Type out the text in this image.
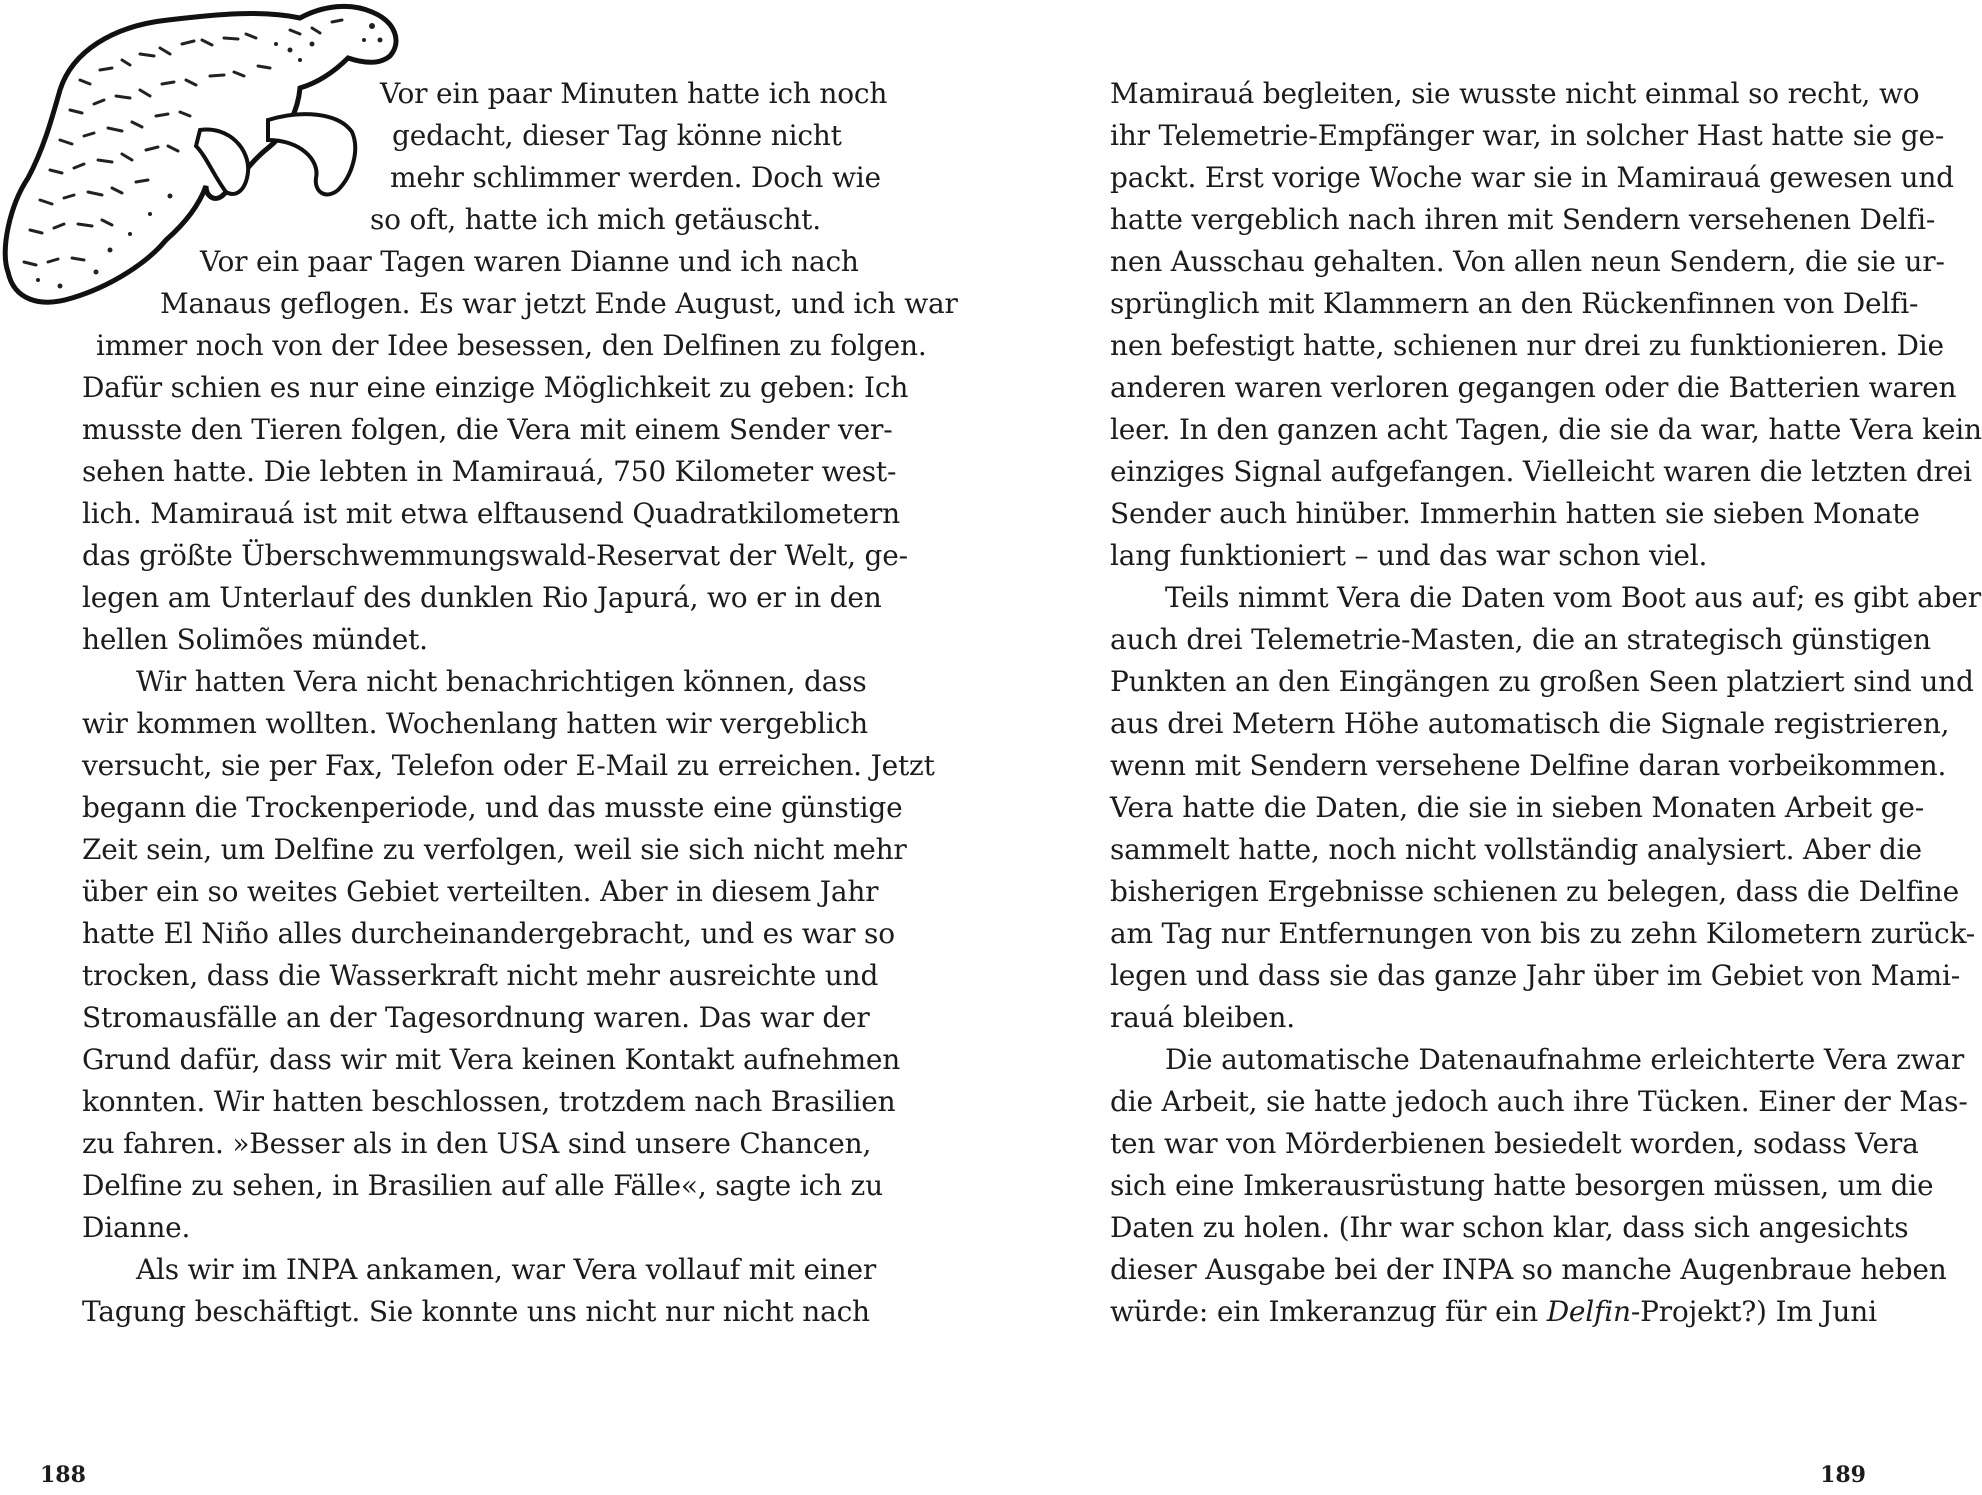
Vor ein paar Minuten hatte ich noch
gedacht, dieser Tag könne nicht
mehr schlimmer werden. Doch wie
so oft, hatte ich mich getäuscht.
Vor ein paar Tagen waren Dianne und ich nach
Manaus geflogen. Es war jetzt Ende August, und ich war
immer noch von der Idee besessen, den Delfinen zu folgen.
Dafür schien es nur eine einzige Möglichkeit zu geben: Ich
musste den Tieren folgen, die Vera mit einem Sender ver-
sehen hatte. Die lebten in Mamirauá, 750 Kilometer west-
lich. Mamirauá ist mit etwa elftausend Quadratkilometern
das größte Überschwemmungswald-Reservat der Welt, ge-
legen am Unterlauf des dunklen Rio Japurá, wo er in den
hellen Solimões mündet.
Wir hatten Vera nicht benachrichtigen können, dass
wir kommen wollten. Wochenlang hatten wir vergeblich
versucht, sie per Fax, Telefon oder E-Mail zu erreichen. Jetzt
begann die Trockenperiode, und das musste eine günstige
Zeit sein, um Delfine zu verfolgen, weil sie sich nicht mehr
über ein so weites Gebiet verteilten. Aber in diesem Jahr
hatte El Niño alles durcheinandergebracht, und es war so
trocken, dass die Wasserkraft nicht mehr ausreichte und
Stromausfälle an der Tagesordnung waren. Das war der
Grund dafür, dass wir mit Vera keinen Kontakt aufnehmen
konnten. Wir hatten beschlossen, trotzdem nach Brasilien
zu fahren. »Besser als in den USA sind unsere Chancen,
Delfine zu sehen, in Brasilien auf alle Fälle«, sagte ich zu
Dianne.
Als wir im INPA ankamen, war Vera vollauf mit einer
Tagung beschäftigt. Sie konnte uns nicht nur nicht nach
188
Mamirauá begleiten, sie wusste nicht einmal so recht, wo
ihr Telemetrie-Empfänger war, in solcher Hast hatte sie ge-
packt. Erst vorige Woche war sie in Mamirauá gewesen und
hatte vergeblich nach ihren mit Sendern versehenen Delfi-
nen Ausschau gehalten. Von allen neun Sendern, die sie ur-
sprünglich mit Klammern an den Rückenfinnen von Delfi-
nen befestigt hatte, schienen nur drei zu funktionieren. Die
anderen waren verloren gegangen oder die Batterien waren
leer. In den ganzen acht Tagen, die sie da war, hatte Vera kein
einziges Signal aufgefangen. Vielleicht waren die letzten drei
Sender auch hinüber. Immerhin hatten sie sieben Monate
lang funktioniert – und das war schon viel.
Teils nimmt Vera die Daten vom Boot aus auf; es gibt aber
auch drei Telemetrie-Masten, die an strategisch günstigen
Punkten an den Eingängen zu großen Seen platziert sind und
aus drei Metern Höhe automatisch die Signale registrieren,
wenn mit Sendern versehene Delfine daran vorbeikommen.
Vera hatte die Daten, die sie in sieben Monaten Arbeit ge-
sammelt hatte, noch nicht vollständig analysiert. Aber die
bisherigen Ergebnisse schienen zu belegen, dass die Delfine
am Tag nur Entfernungen von bis zu zehn Kilometern zurück-
legen und dass sie das ganze Jahr über im Gebiet von Mami-
rauá bleiben.
Die automatische Datenaufnahme erleichterte Vera zwar
die Arbeit, sie hatte jedoch auch ihre Tücken. Einer der Mas-
ten war von Mörderbienen besiedelt worden, sodass Vera
sich eine Imkerausrüstung hatte besorgen müssen, um die
Daten zu holen. (Ihr war schon klar, dass sich angesichts
dieser Ausgabe bei der INPA so manche Augenbraue heben
würde: ein Imkeranzug für ein Delfin-Projekt?) Im Juni
189
